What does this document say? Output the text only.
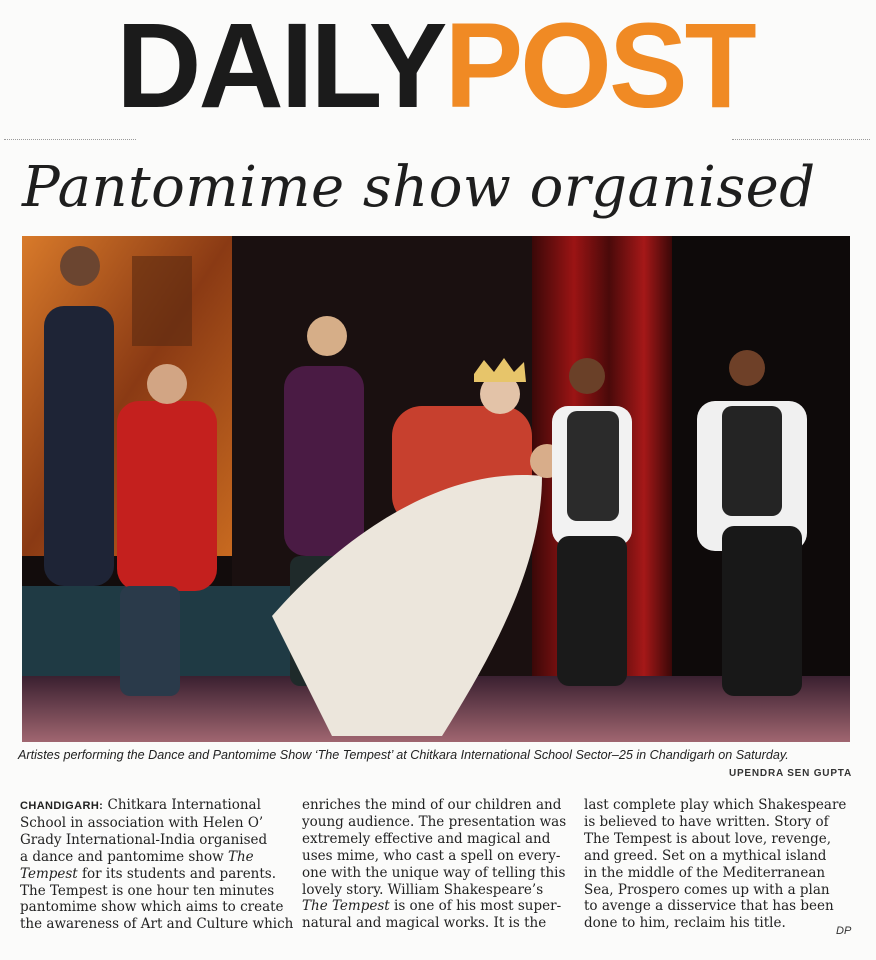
DAILY POST
Pantomime show organised
Artistes performing the Dance and Pantomime Show ‘The Tempest’ at Chitkara International School Sector–25 in Chandigarh on Saturday.
UPENDRA SEN GUPTA
CHANDIGARH: Chitkara International
School in association with Helen O’
Grady International-India organised
a dance and pantomime show The
Tempest for its students and parents.
The Tempest is one hour ten minutes
pantomime show which aims to create
the awareness of Art and Culture which
enriches the mind of our children and
young audience. The presentation was
extremely effective and magical and
uses mime, who cast a spell on every-
one with the unique way of telling this
lovely story. William Shakespeare’s
The Tempest is one of his most super-
natural and magical works. It is the
last complete play which Shakespeare
is believed to have written. Story of
The Tempest is about love, revenge,
and greed. Set on a mythical island
in the middle of the Mediterranean
Sea, Prospero comes up with a plan
to avenge a disservice that has been
done to him, reclaim his title.	DP
